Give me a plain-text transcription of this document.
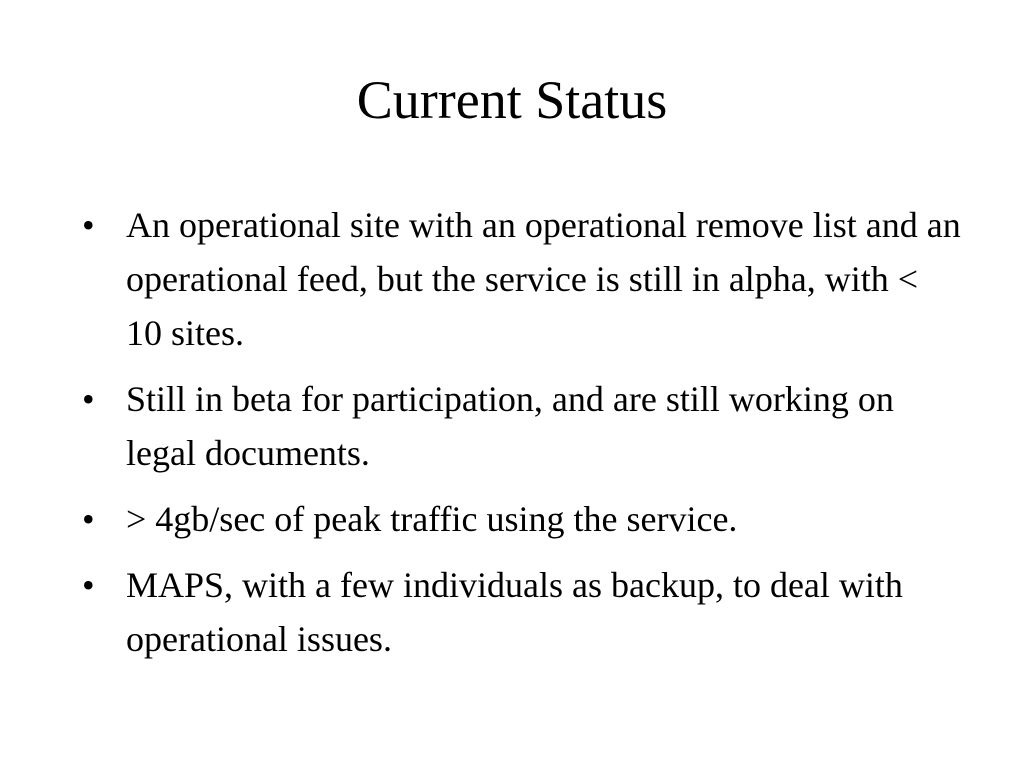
Current Status
• An operational site with an operational remove list and an operational feed, but the service is still in alpha, with < 10 sites.
• Still in beta for participation, and are still working on legal documents.
• > 4gb/sec of peak traffic using the service.
• MAPS, with a few individuals as backup, to deal with operational issues.
